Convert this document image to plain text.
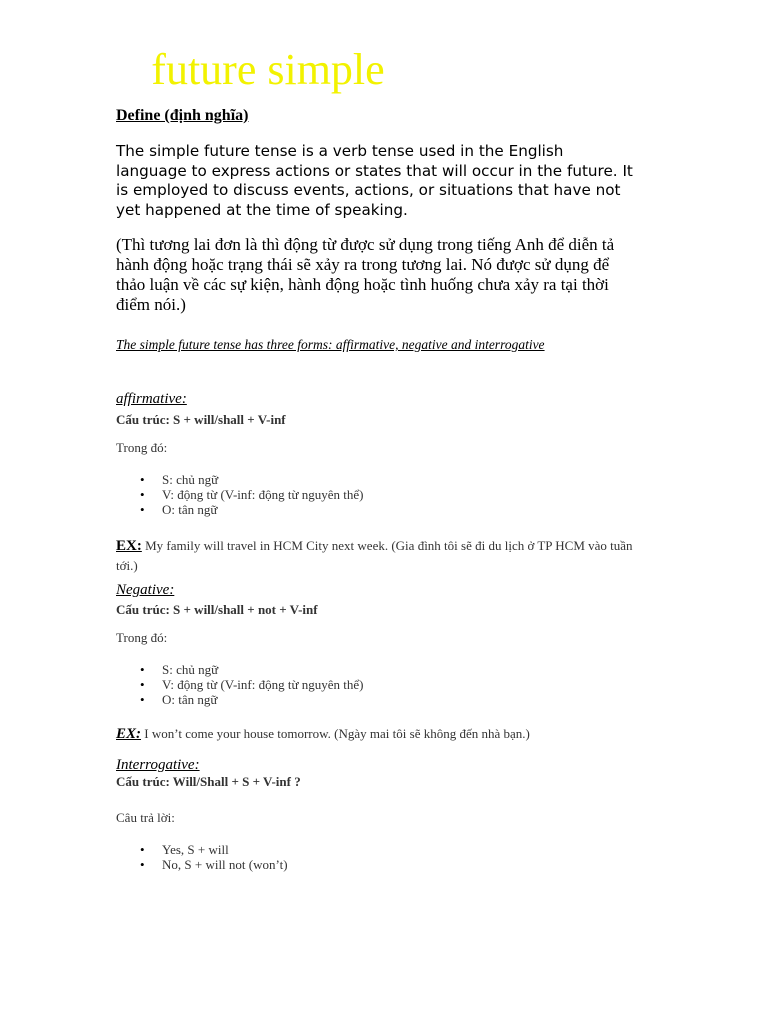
future simple
Define (định nghĩa)

The simple future tense is a verb tense used in the English language to express actions or states that will occur in the future. It is employed to discuss events, actions, or situations that have not yet happened at the time of speaking.

(Thì tương lai đơn là thì động từ được sử dụng trong tiếng Anh để diễn tả hành động hoặc trạng thái sẽ xảy ra trong tương lai. Nó được sử dụng để thảo luận về các sự kiện, hành động hoặc tình huống chưa xảy ra tại thời điểm nói.)

The simple future tense has three forms: affirmative, negative and interrogative

affirmative:
Cấu trúc: S + will/shall + V-inf
Trong đó:
• S: chủ ngữ
• V: động từ (V-inf: động từ nguyên thể)
• O: tân ngữ

EX: My family will travel in HCM City next week. (Gia đình tôi sẽ đi du lịch ở TP HCM vào tuần tới.)

Negative:
Cấu trúc: S + will/shall + not + V-inf
Trong đó:
• S: chủ ngữ
• V: động từ (V-inf: động từ nguyên thể)
• O: tân ngữ

EX: I won’t come your house tomorrow. (Ngày mai tôi sẽ không đến nhà bạn.)

Interrogative:
Cấu trúc: Will/Shall + S + V-inf ?
Câu trả lời:
• Yes, S + will
• No, S + will not (won’t)
